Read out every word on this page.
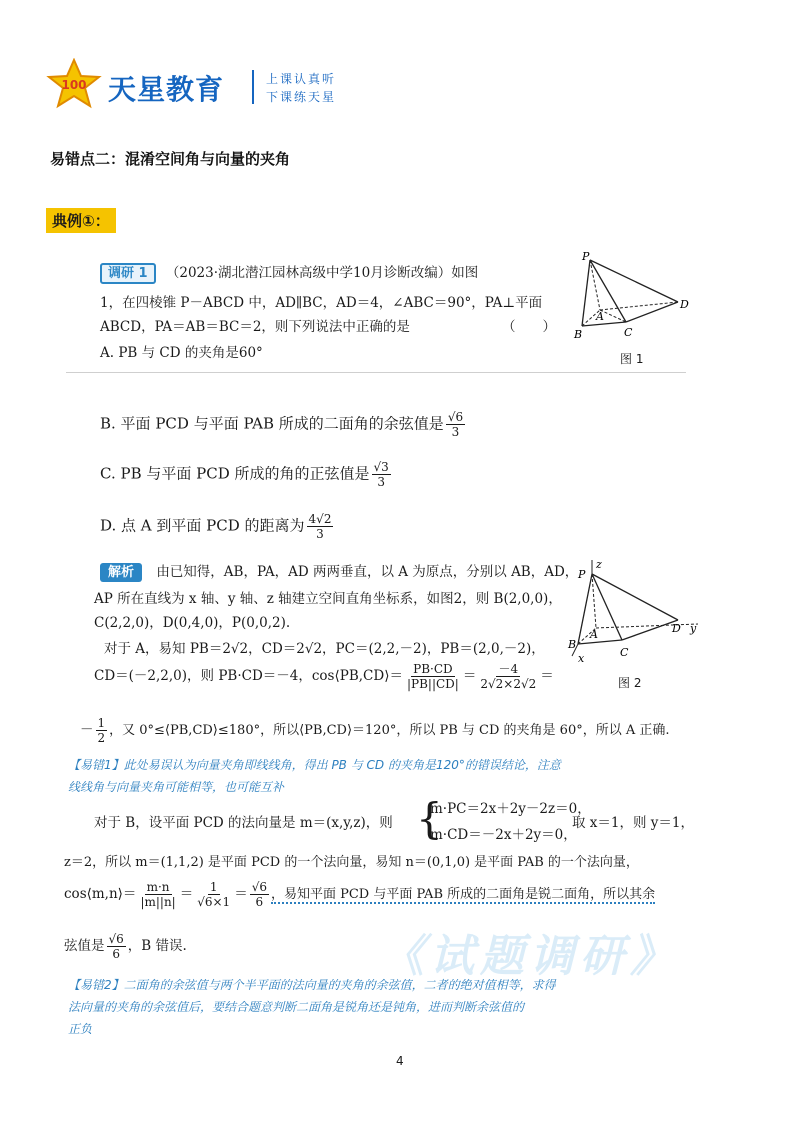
100 天星教育	上课认真听
下课练天星
易错点二：混淆空间角与向量的夹角
典例①：
调研 1 （2023·湖北潜江园林高级中学10月诊断改编）如图
1，在四棱锥 P－ABCD 中，AD∥BC，AD＝4，∠ABC＝90°，PA⊥平面
ABCD，PA＝AB＝BC＝2，则下列说法中正确的是	（　　）
A. PB 与 CD 的夹角是60°
P
A
B	C
D
图 1
B. 平面 PCD 与平面 PAB 所成的二面角的余弦值是 $\frac{√6}{3}$
C. PB 与平面 PCD 所成的角的正弦值是 $\frac{√3}{3}$
D. 点 A 到平面 PCD 的距离为 $\frac{4√2}{3}$
解析 由已知得，AB，PA，AD 两两垂直，以 A 为原点，分别以 AB，AD，
AP 所在直线为 x 轴、y 轴、z 轴建立空间直角坐标系，如图2，则 B(2,0,0)，
C(2,2,0)，D(0,4,0)，P(0,0,2).
对于 A，易知 PB＝2√2，CD＝2√2，PC＝(2,2,－2)，PB＝(2,0,－2)，
CD＝(－2,2,0)，则 PB·CD＝－4，cos⟨PB,CD⟩＝ $\frac{PB\cdot CD}{|PB||CD|} = \frac{-4}{2√2\times 2√2}$ ＝
z
P
A
B
x	C
D y
图 2
－ $\frac{1}{2}$ ，又 0°≤⟨PB,CD⟩≤180°，所以⟨PB,CD⟩＝120°，所以 PB 与 CD 的夹角是 60°，所以 A 正确.
【易错1】此处易误认为向量夹角即线线角，得出 PB 与 CD 的夹角是120°的错误结论，注意
线线角与向量夹角可能相等，也可能互补
对于 B，设平面 PCD 的法向量是 m＝(x,y,z)，则 {
m·PC＝2x＋2y－2z＝0，
m·CD＝－2x＋2y＝0，
取 x＝1，则 y＝1，
z＝2，所以 m＝(1,1,2) 是平面 PCD 的一个法向量，易知 n＝(0,1,0) 是平面 PAB 的一个法向量，
cos⟨m,n⟩＝ $\frac{m\cdot n}{|m||n|} = \frac{1}{√6\times 1} = \frac{√6}{6}$ ，易知平面 PCD 与平面 PAB 所成的二面角是锐二面角，所以其余
弦值是 $\frac{√6}{6}$ ，B 错误.	《试题调研》
【易错2】二面角的余弦值与两个半平面的法向量的夹角的余弦值，二者的绝对值相等，求得
法向量的夹角的余弦值后，要结合题意判断二面角是锐角还是钝角，进而判断余弦值的
正负
4
